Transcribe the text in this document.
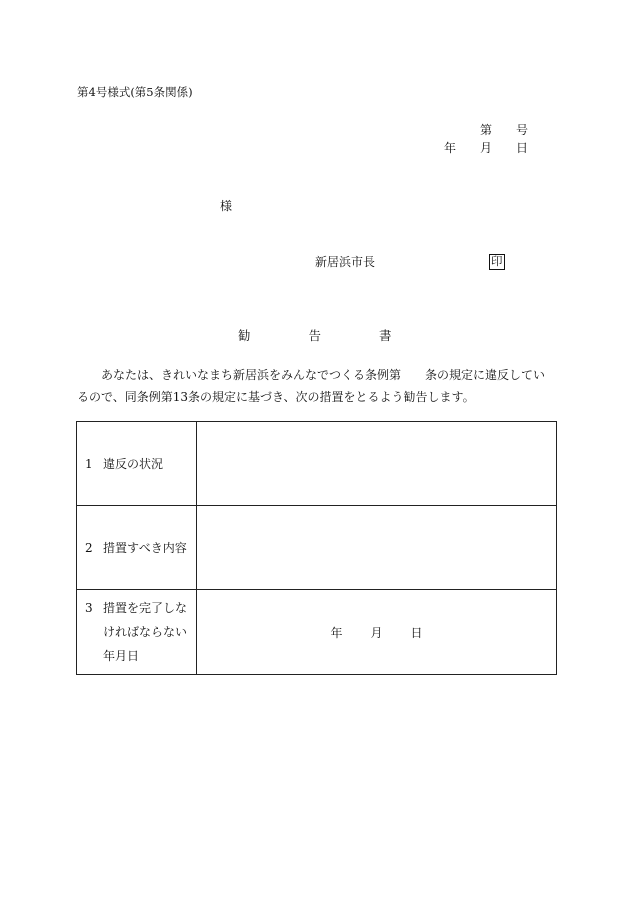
第4号様式(第5条関係)
第 号
年 月 日
様
新居浜市長	印
勧	告	書
あなたは、きれいなまち新居浜をみんなでつくる条例第 条の規定に違反しているので、同条例第13条の規定に基づき、次の措置をとるよう勧告します。
1 違反の状況	

2 措置すべき内容	

3 措置を完了しな
ければならない
年月日	年 月 日
